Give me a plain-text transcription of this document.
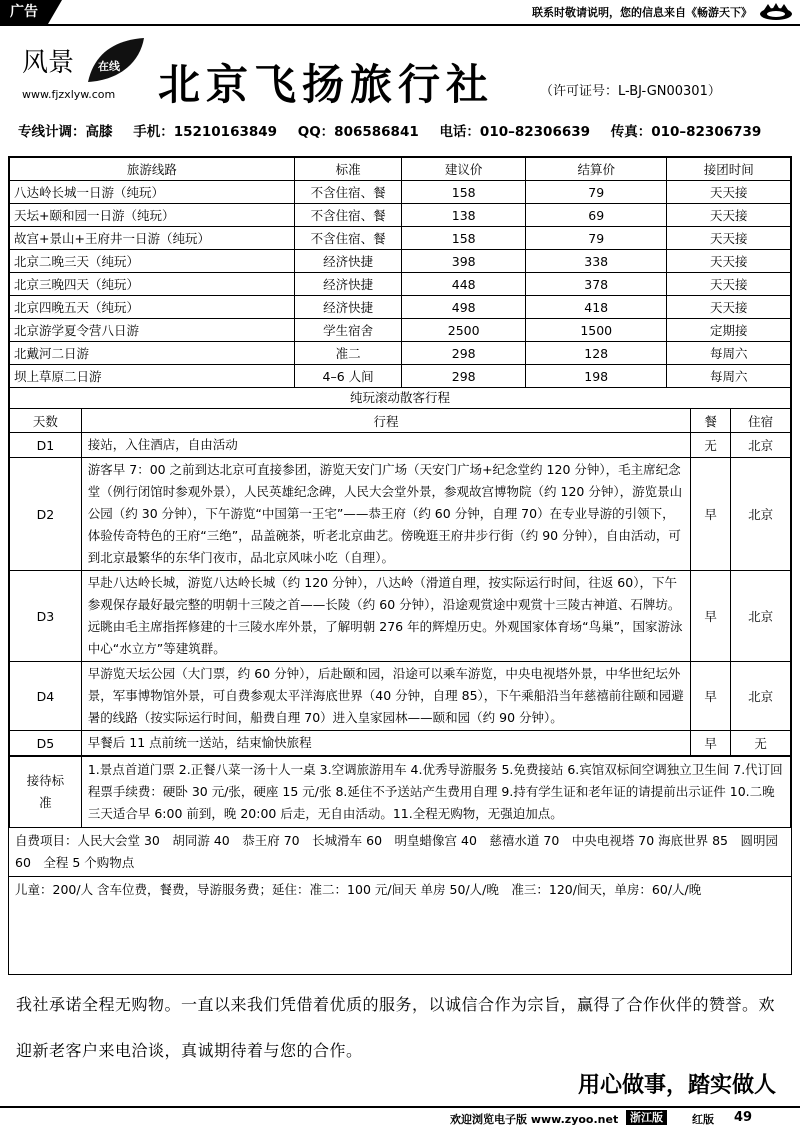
广告	联系时敬请说明，您的信息来自《畅游天下》
风景 在线
www.fjzxlyw.com 北京飞扬旅行社	（许可证号：L-BJ-GN00301）
专线计调：高膝 手机：15210163849 QQ：806586841 电话：010–82306639 传真：010–82306739
旅游线路	标准	建议价	结算价	接团时间
八达岭长城一日游（纯玩）	不含住宿、餐	158	79	天天接
天坛+颐和园一日游（纯玩）	不含住宿、餐	138	69	天天接
故宫+景山+王府井一日游（纯玩）	不含住宿、餐	158	79	天天接
北京二晚三天（纯玩）	经济快捷	398	338	天天接
北京三晚四天（纯玩）	经济快捷	448	378	天天接
北京四晚五天（纯玩）	经济快捷	498	418	天天接
北京游学夏令营八日游	学生宿舍	2500	1500	定期接
北戴河二日游	准二	298	128	每周六
坝上草原二日游	4–6 人间	298	198	每周六
纯玩滚动散客行程
天数	行程	餐	住宿
D1	接站，入住酒店，自由活动	无	北京
D2	游客早 7：00 之前到达北京可直接参团，游览天安门广场（天安门广场+纪念堂约 120 分钟），毛主席纪念堂（例行闭馆时参观外景），人民英雄纪念碑，人民大会堂外景，参观故宫博物院（约 120 分钟），游览景山公园（约 30 分钟），下午游览“中国第一王宅”——恭王府（约 60 分钟，自理 70）在专业导游的引领下，体验传奇特色的王府“三绝”，品盖碗茶，听老北京曲艺。傍晚逛王府井步行街（约 90 分钟），自由活动，可到北京最繁华的东华门夜市，品北京风味小吃（自理）。	早	北京
D3	早赴八达岭长城，游览八达岭长城（约 120 分钟），八达岭（滑道自理，按实际运行时间，往返 60），下午参观保存最好最完整的明朝十三陵之首——长陵（约 60 分钟），沿途观赏途中观赏十三陵古神道、石牌坊。远眺由毛主席指挥修建的十三陵水库外景，了解明朝 276 年的辉煌历史。外观国家体育场“鸟巢”，国家游泳中心“水立方”等建筑群。	早	北京
D4	早游览天坛公园（大门票，约 60 分钟），后赴颐和园，沿途可以乘车游览，中央电视塔外景，中华世纪坛外景，军事博物馆外景，可自费参观太平洋海底世界（40 分钟，自理 85），下午乘船沿当年慈禧前往颐和园避暑的线路（按实际运行时间，船费自理 70）进入皇家园林——颐和园（约 90 分钟）。	早	北京
D5	早餐后 11 点前统一送站，结束愉快旅程	早	无
接待标准	1.景点首道门票 2.正餐八菜一汤十人一桌 3.空调旅游用车 4.优秀导游服务 5.免费接站 6.宾馆双标间空调独立卫生间 7.代订回程票手续费：硬卧 30 元/张，硬座 15 元/张 8.延住不予送站产生费用自理 9.持有学生证和老年证的请提前出示证件 10.二晚三天适合早 6:00 前到，晚 20:00 后走，无自由活动。11.全程无购物，无强迫加点。
自费项目：人民大会堂 30　胡同游 40　恭王府 70　长城滑车 60　明皇蜡像宫 40　慈禧水道 70　中央电视塔 70 海底世界 85　圆明园 60　全程 5 个购物点
儿童：200/人 含车位费，餐费，导游服务费；延住：准二：100 元/间天 单房 50/人/晚　准三：120/间天，单房：60/人/晚
我社承诺全程无购物。一直以来我们凭借着优质的服务，以诚信合作为宗旨，赢得了合作伙伴的赞誉。欢迎新老客户来电洽谈，真诚期待着与您的合作。
用心做事，踏实做人
欢迎浏览电子版 www.zyoo.net	浙江版	红版 49
